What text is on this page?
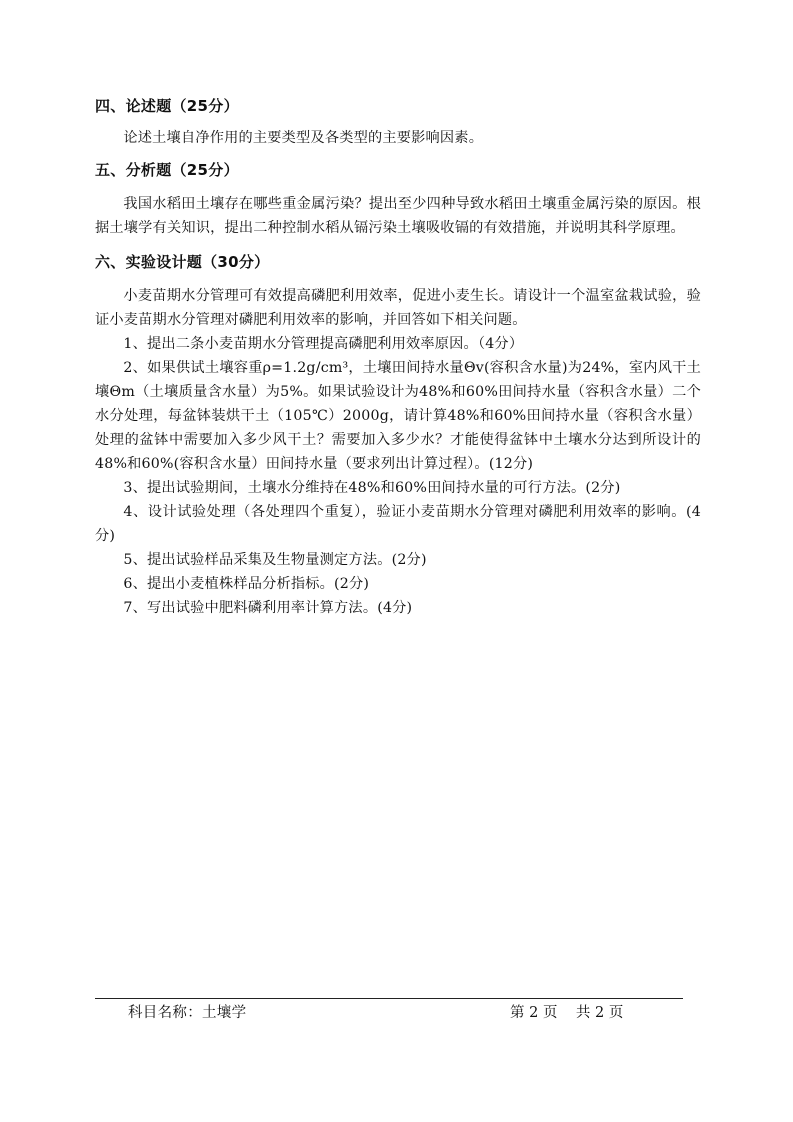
四、论述题（25分）

论述土壤自净作用的主要类型及各类型的主要影响因素。

五、分析题（25分）

我国水稻田土壤存在哪些重金属污染？提出至少四种导致水稻田土壤重金属污染的原因。根据土壤学有关知识，提出二种控制水稻从镉污染土壤吸收镉的有效措施，并说明其科学原理。

六、实验设计题（30分）

小麦苗期水分管理可有效提高磷肥利用效率，促进小麦生长。请设计一个温室盆栽试验，验证小麦苗期水分管理对磷肥利用效率的影响，并回答如下相关问题。

1、提出二条小麦苗期水分管理提高磷肥利用效率原因。（4分）

2、如果供试土壤容重ρ=1.2g/cm³，土壤田间持水量Θv(容积含水量)为24%，室内风干土壤Θm（土壤质量含水量）为5%。如果试验设计为48%和60%田间持水量（容积含水量）二个水分处理，每盆钵装烘干土（105℃）2000g，请计算48%和60%田间持水量（容积含水量）处理的盆钵中需要加入多少风干土？需要加入多少水？才能使得盆钵中土壤水分达到所设计的48%和60%(容积含水量）田间持水量（要求列出计算过程）。(12分)

3、提出试验期间，土壤水分维持在48%和60%田间持水量的可行方法。(2分)

4、设计试验处理（各处理四个重复），验证小麦苗期水分管理对磷肥利用效率的影响。(4分)

5、提出试验样品采集及生物量测定方法。(2分)

6、提出小麦植株样品分析指标。(2分)

7、写出试验中肥料磷利用率计算方法。(4分)

科目名称：土壤学	第 2 页    共 2 页
